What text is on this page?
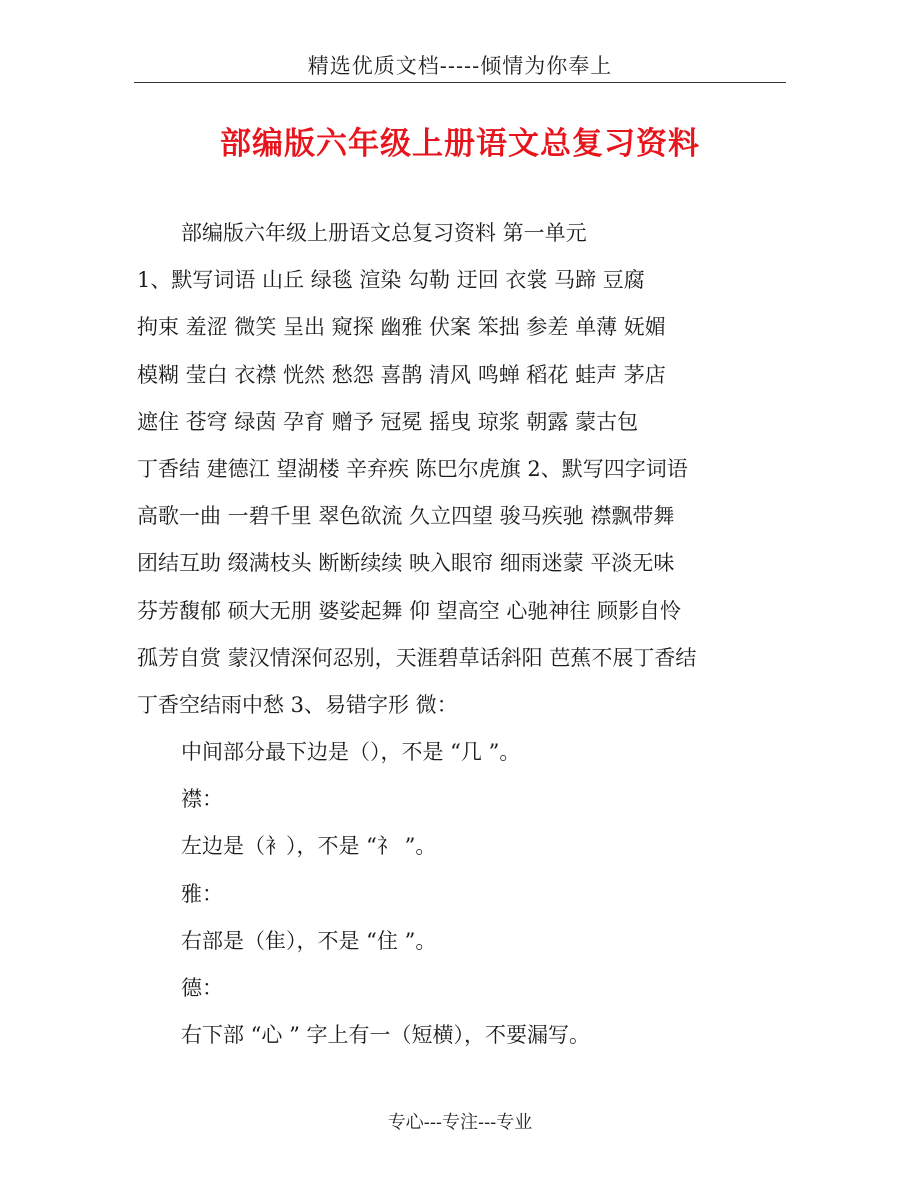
精选优质文档-----倾情为你奉上
部编版六年级上册语文总复习资料
部编版六年级上册语文总复习资料 第一单元
1、默写词语 山丘 绿毯 渲染 勾勒 迂回 衣裳 马蹄 豆腐
拘束 羞涩 微笑 呈出 窥探 幽雅 伏案 笨拙 参差 单薄 妩媚
模糊 莹白 衣襟 恍然 愁怨 喜鹊 清风 鸣蝉 稻花 蛙声 茅店
遮住 苍穹 绿茵 孕育 赠予 冠冕 摇曳 琼浆 朝露 蒙古包
丁香结 建德江 望湖楼 辛弃疾 陈巴尔虎旗 2、默写四字词语
高歌一曲 一碧千里 翠色欲流 久立四望 骏马疾驰 襟飘带舞
团结互助 缀满枝头 断断续续 映入眼帘 细雨迷蒙 平淡无味
芬芳馥郁 硕大无朋 婆娑起舞 仰 望高空 心驰神往 顾影自怜
孤芳自赏 蒙汉情深何忍别，天涯碧草话斜阳 芭蕉不展丁香结
丁香空结雨中愁 3、易错字形 微：
中间部分最下边是（），不是 “几 ”。
襟：
左边是（衤），不是 “礻 ”。
雅：
右部是（隹），不是 “住 ”。
德：
右下部 “心 ” 字上有一（短横），不要漏写。
专心---专注---专业
